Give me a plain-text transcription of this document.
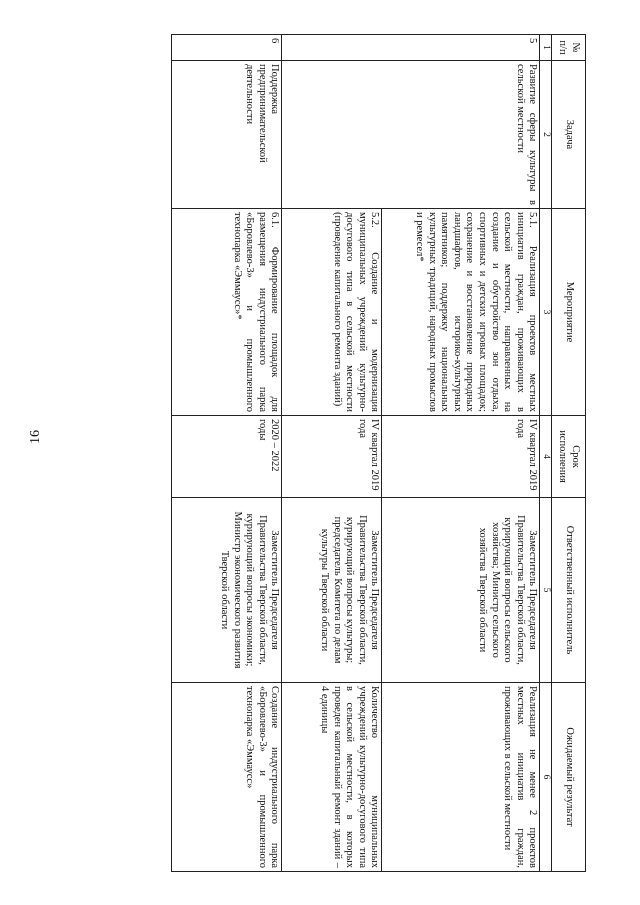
16
№ п/п	Задача	Мероприятие	Срок исполнения	Ответственный исполнитель	Ожидаемый результат
1	2	3	4	5	6
5	Развитие сферы культуры в сельской местности	5.1. Реализация проектов местных инициатив граждан, проживающих в сельской местности, направленных на создание и обустройство зон отдыха, спортивных и детских игровых площадок; сохранение и восстановление природных ландшафтов, историко-культурных памятников; поддержку национальных культурных традиций, народных промыслов и ремесел*	IV квартал 2019 года	Заместитель Председателя Правительства Тверской области, курирующий вопросы сельского хозяйства; Министр сельского хозяйства Тверской области	Реализация не менее 2 проектов местных инициатив граждан, проживающих в сельской местности
		5.2. Создание и модернизация муниципальных учреждений культурно-досугового типа в сельской местности (проведение капитального ремонта зданий)	IV квартал 2019 года	Заместитель Председателя Правительства Тверской области, курирующий вопросы культуры; председатель Комитета по делам культуры Тверской области	Количество муниципальных учреждений культурно-досугового типа в сельской местности, в которых проведен капитальный ремонт зданий – 4 единицы
6	Поддержка предпринимательской деятельности	6.1. Формирование площадок для размещения индустриального парка «Боровлево-3» и промышленного технопарка «Эммаусс»*	2020 – 2022 годы	Заместитель Председателя Правительства Тверской области, курирующий вопросы экономики; Министр экономического развития Тверской области	Создание индустриального парка «Боровлево-3» и промышленного технопарка «Эммаусс»
